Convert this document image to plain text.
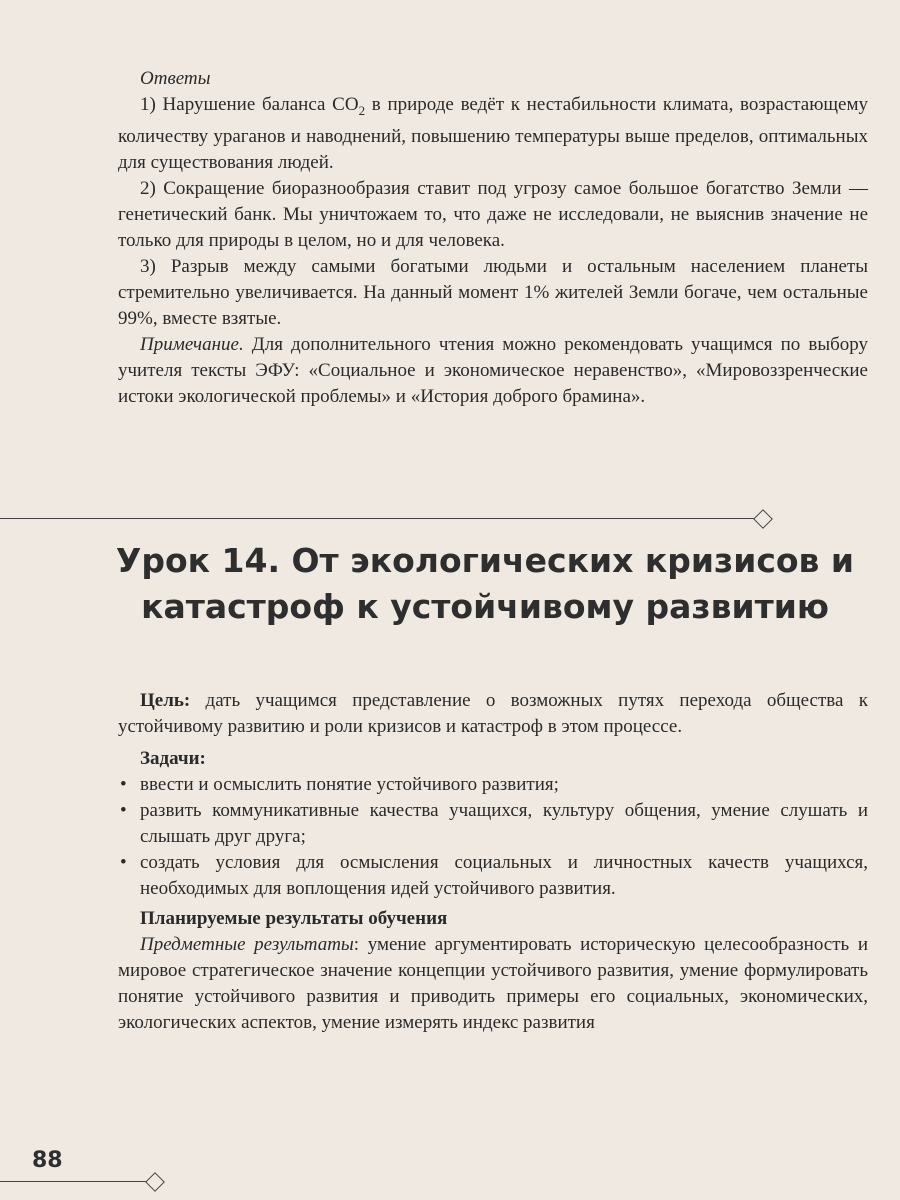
Ответы

1) Нарушение баланса $СО_2$ в природе ведёт к нестабильности климата, возрастающему количеству ураганов и наводнений, повышению температуры выше пределов, оптимальных для существования людей.

2) Сокращение биоразнообразия ставит под угрозу самое большое богатство Земли — генетический банк. Мы уничтожаем то, что даже не исследовали, не выяснив значение не только для природы в целом, но и для человека.

3) Разрыв между самыми богатыми людьми и остальным населением планеты стремительно увеличивается. На данный момент 1% жителей Земли богаче, чем остальные 99%, вместе взятые.

Примечание. Для дополнительного чтения можно рекомендовать учащимся по выбору учителя тексты ЭФУ: «Социальное и экономическое неравенство», «Мировоззренческие истоки экологической проблемы» и «История доброго брамина».

Урок 14. От экологических кризисов и катастроф к устойчивому развитию

Цель: дать учащимся представление о возможных путях перехода общества к устойчивому развитию и роли кризисов и катастроф в этом процессе.

Задачи:

• ввести и осмыслить понятие устойчивого развития;
• развить коммуникативные качества учащихся, культуру общения, умение слушать и слышать друг друга;
• создать условия для осмысления социальных и личностных качеств учащихся, необходимых для воплощения идей устойчивого развития.

Планируемые результаты обучения

Предметные результаты: умение аргументировать историческую целесообразность и мировое стратегическое значение концепции устойчивого развития, умение формулировать понятие устойчивого развития и приводить примеры его социальных, экономических, экологических аспектов, умение измерять индекс развития

88
